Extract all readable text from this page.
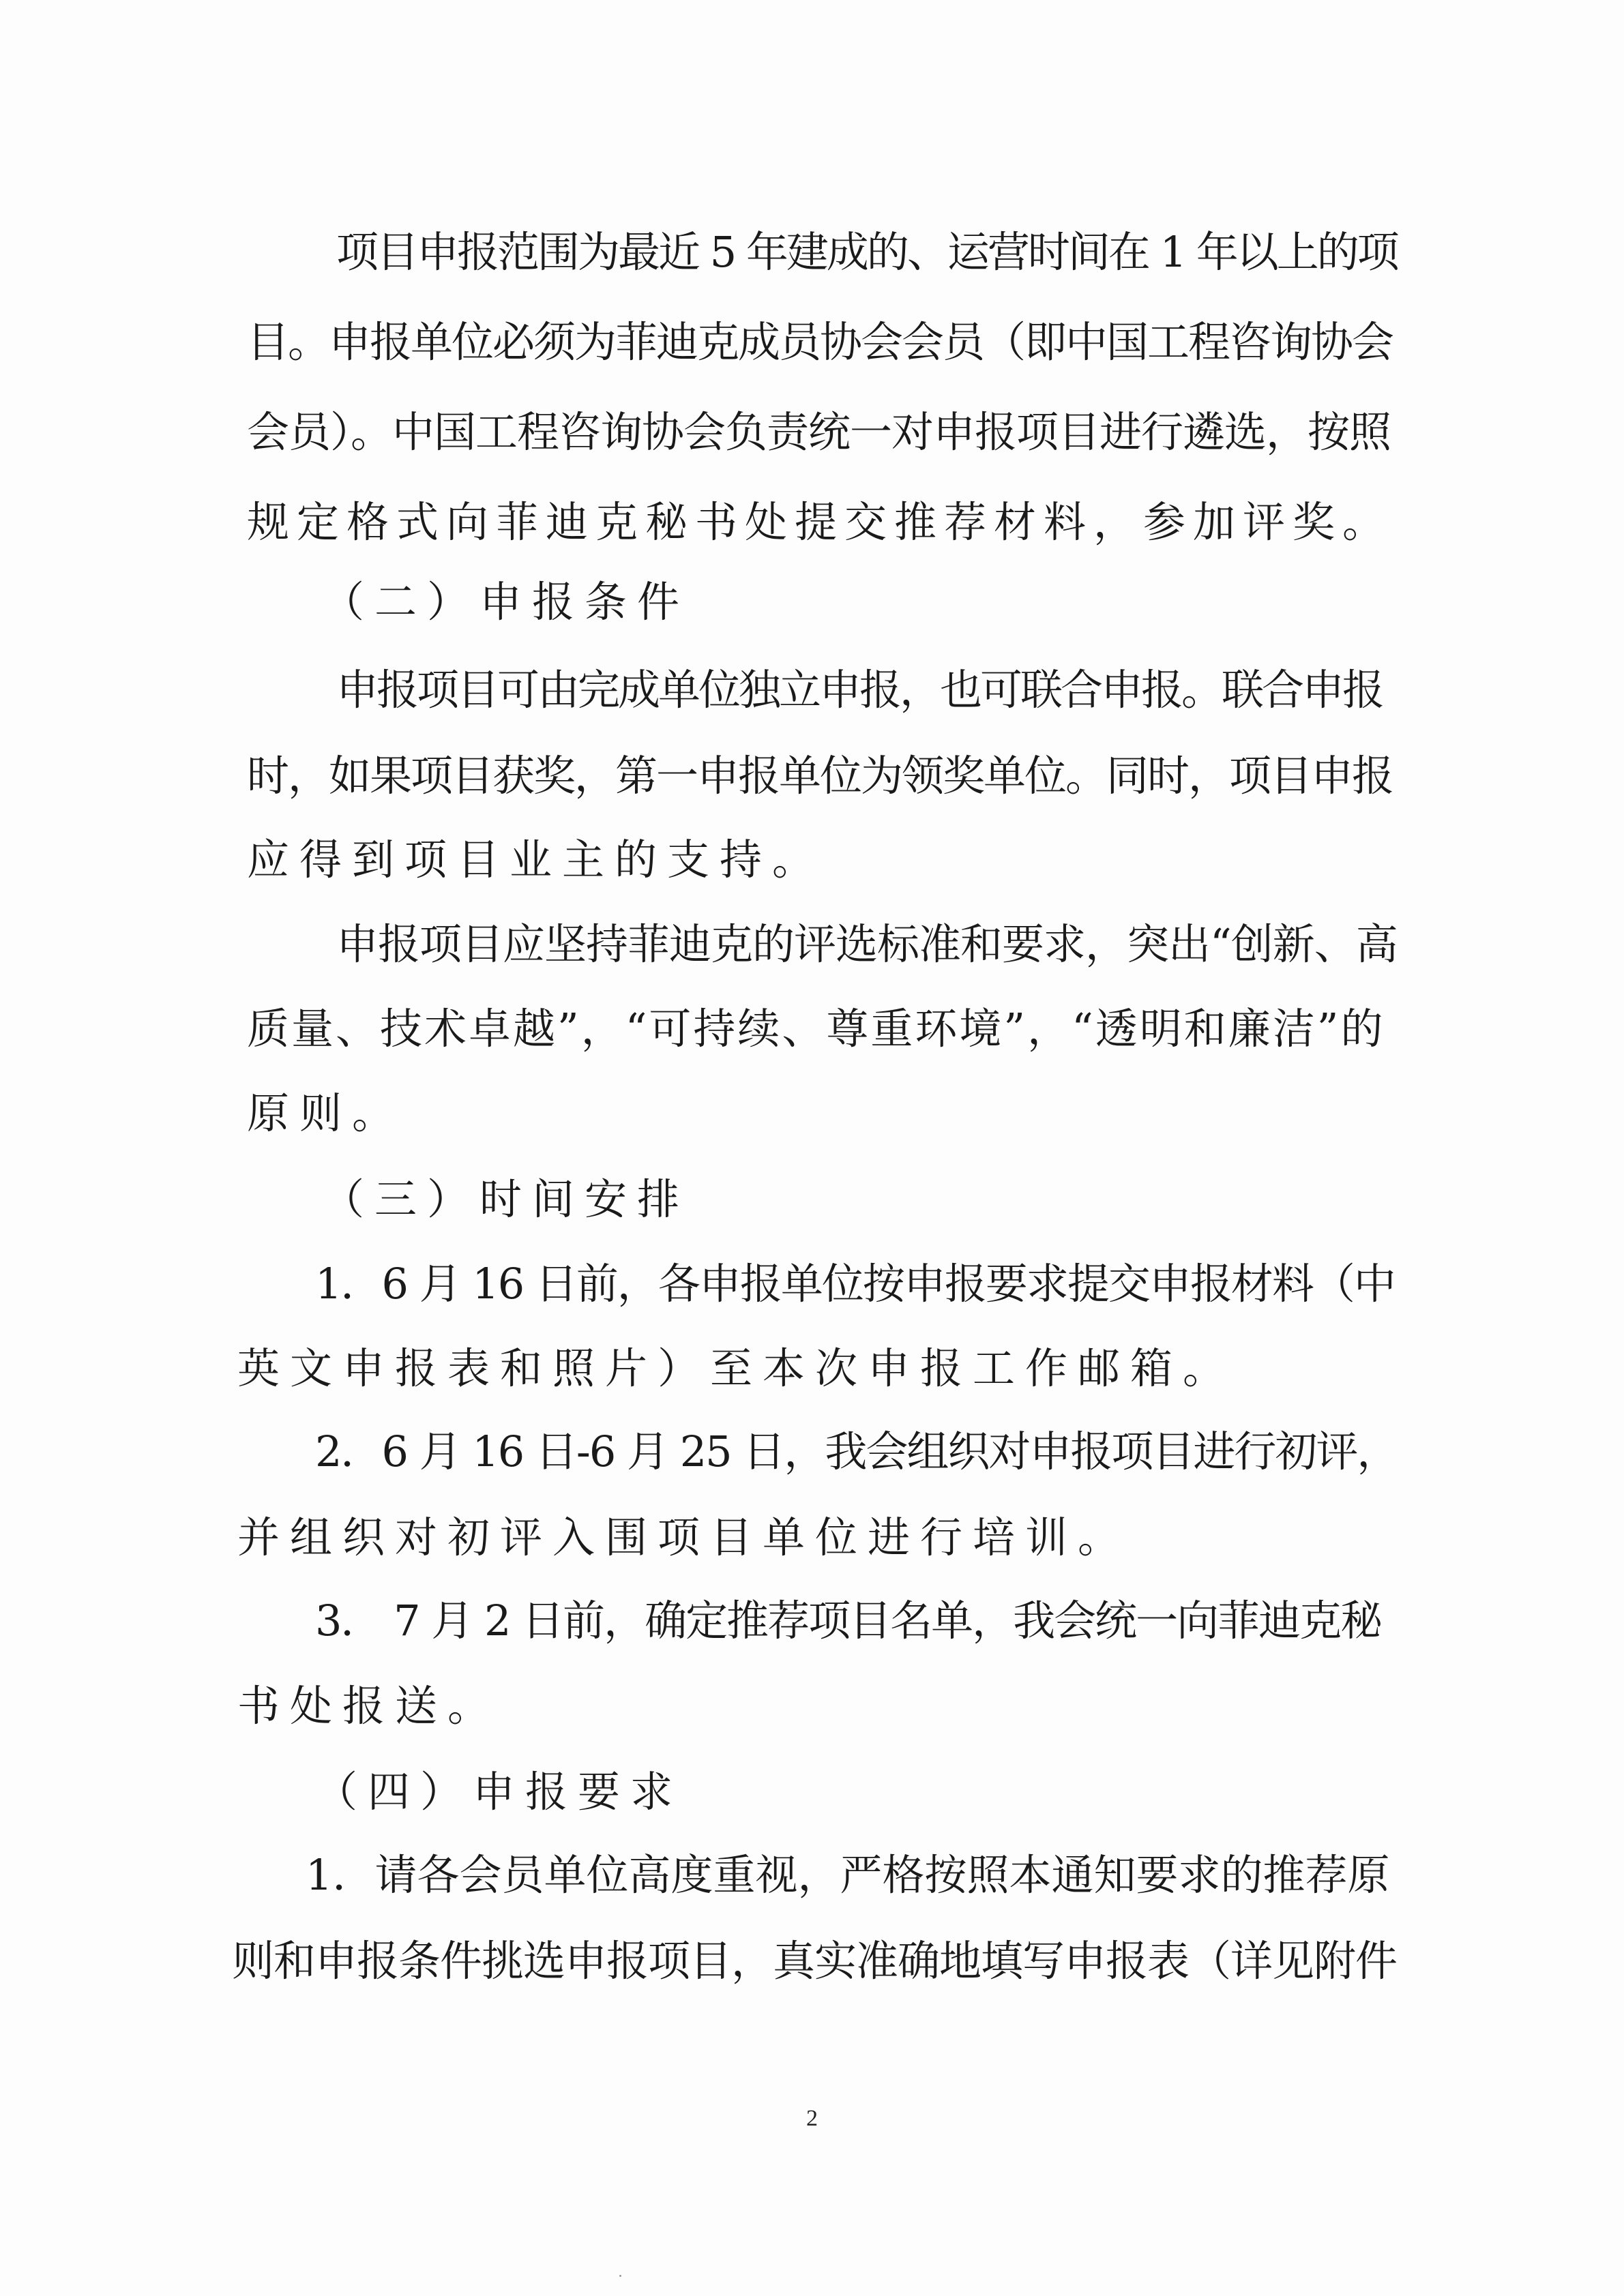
项目申报范围为最近 5 年建成的、运营时间在 1 年以上的项
目。申报单位必须为菲迪克成员协会会员（即中国工程咨询协会
会员）。中国工程咨询协会负责统一对申报项目进行遴选，按照
规定格式向菲迪克秘书处提交推荐材料，参加评奖。
（二）申报条件
申报项目可由完成单位独立申报，也可联合申报。联合申报
时，如果项目获奖，第一申报单位为领奖单位。同时，项目申报
应得到项目业主的支持。
申报项目应坚持菲迪克的评选标准和要求，突出“创新、高
质量、技术卓越”，“可持续、尊重环境”，“透明和廉洁”的
原则。
（三）时间安排
1．6 月 16 日前，各申报单位按申报要求提交申报材料（中
英文申报表和照片）至本次申报工作邮箱。
2．6 月 16 日-6 月 25 日，我会组织对申报项目进行初评，
并组织对初评入围项目单位进行培训。
3． 7 月 2 日前，确定推荐项目名单，我会统一向菲迪克秘
书处报送。
（四）申报要求
1．请各会员单位高度重视，严格按照本通知要求的推荐原
则和申报条件挑选申报项目，真实准确地填写申报表（详见附件
2
